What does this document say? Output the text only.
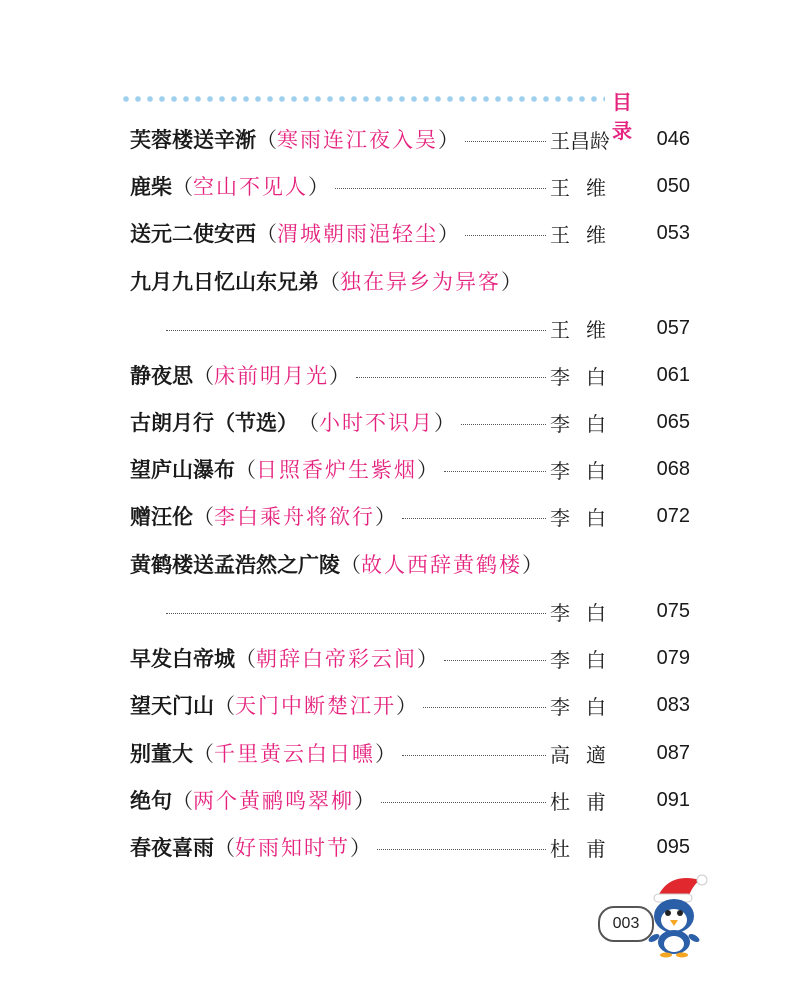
目 录
芙蓉楼送辛渐 （ 寒雨连江夜入吴 ）	王昌龄	046
鹿柴 （ 空山不见人 ）	王 维	050
送元二使安西 （ 渭城朝雨浥轻尘 ）	王 维	053
九月九日忆山东兄弟 （ 独在异乡为异客 ）
王 维	057
静夜思 （ 床前明月光 ）	李 白	061
古朗月行（节选） （ 小时不识月 ）	李 白	065
望庐山瀑布 （ 日照香炉生紫烟 ）	李 白	068
赠汪伦 （ 李白乘舟将欲行 ）	李 白	072
黄鹤楼送孟浩然之广陵 （ 故人西辞黄鹤楼 ）
李 白	075
早发白帝城 （ 朝辞白帝彩云间 ）	李 白	079
望天门山 （ 天门中断楚江开 ）	李 白	083
别董大 （ 千里黄云白日曛 ）	高 適	087
绝句 （ 两个黄鹂鸣翠柳 ）	杜 甫	091
春夜喜雨 （ 好雨知时节 ）	杜 甫	095
003
